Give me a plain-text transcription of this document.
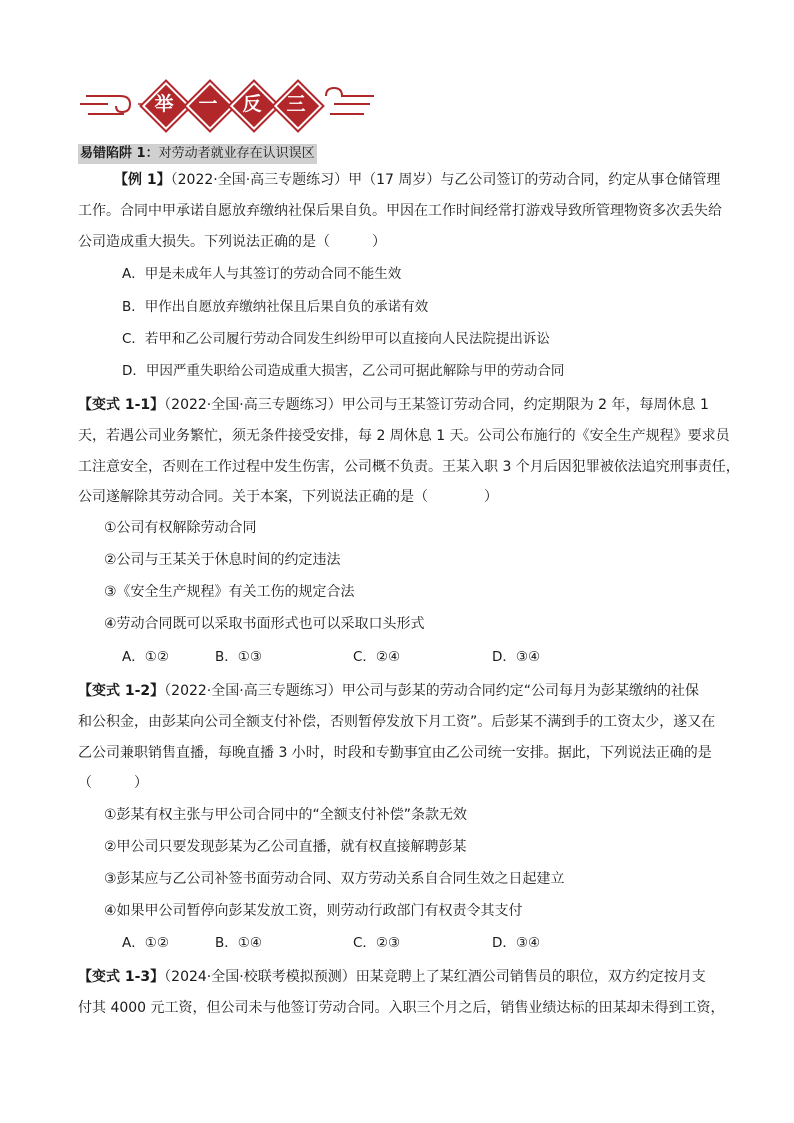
举	一	反	三
易错陷阱 1：对劳动者就业存在认识误区
【例 1】（2022·全国·高三专题练习）甲（17 周岁）与乙公司签订的劳动合同，约定从事仓储管理
工作。合同中甲承诺自愿放弃缴纳社保后果自负。甲因在工作时间经常打游戏导致所管理物资多次丢失给
公司造成重大损失。下列说法正确的是（　　　）
A．甲是未成年人与其签订的劳动合同不能生效
B．甲作出自愿放弃缴纳社保且后果自负的承诺有效
C．若甲和乙公司履行劳动合同发生纠纷甲可以直接向人民法院提出诉讼
D．甲因严重失职给公司造成重大损害，乙公司可据此解除与甲的劳动合同
【变式 1-1】（2022·全国·高三专题练习）甲公司与王某签订劳动合同，约定期限为 2 年，每周休息 1
天，若遇公司业务繁忙，须无条件接受安排，每 2 周休息 1 天。公司公布施行的《安全生产规程》要求员
工注意安全，否则在工作过程中发生伤害，公司概不负责。王某入职 3 个月后因犯罪被依法追究刑事责任，
公司遂解除其劳动合同。关于本案，下列说法正确的是（　　　　）
①公司有权解除劳动合同
②公司与王某关于休息时间的约定违法
③《安全生产规程》有关工伤的规定合法
④劳动合同既可以采取书面形式也可以采取口头形式
A．①②	B．①③	C．②④	D．③④
【变式 1-2】（2022·全国·高三专题练习）甲公司与彭某的劳动合同约定“公司每月为彭某缴纳的社保
和公积金，由彭某向公司全额支付补偿，否则暂停发放下月工资”。后彭某不满到手的工资太少，遂又在
乙公司兼职销售直播，每晚直播 3 小时，时段和专勤事宜由乙公司统一安排。据此，下列说法正确的是
（　　　）
①彭某有权主张与甲公司合同中的“全额支付补偿”条款无效
②甲公司只要发现彭某为乙公司直播，就有权直接解聘彭某
③彭某应与乙公司补签书面劳动合同、双方劳动关系自合同生效之日起建立
④如果甲公司暂停向彭某发放工资，则劳动行政部门有权责令其支付
A．①②	B．①④	C．②③	D．③④
【变式 1-3】（2024·全国·校联考模拟预测）田某竞聘上了某红酒公司销售员的职位，双方约定按月支
付其 4000 元工资，但公司未与他签订劳动合同。入职三个月之后，销售业绩达标的田某却未得到工资，
